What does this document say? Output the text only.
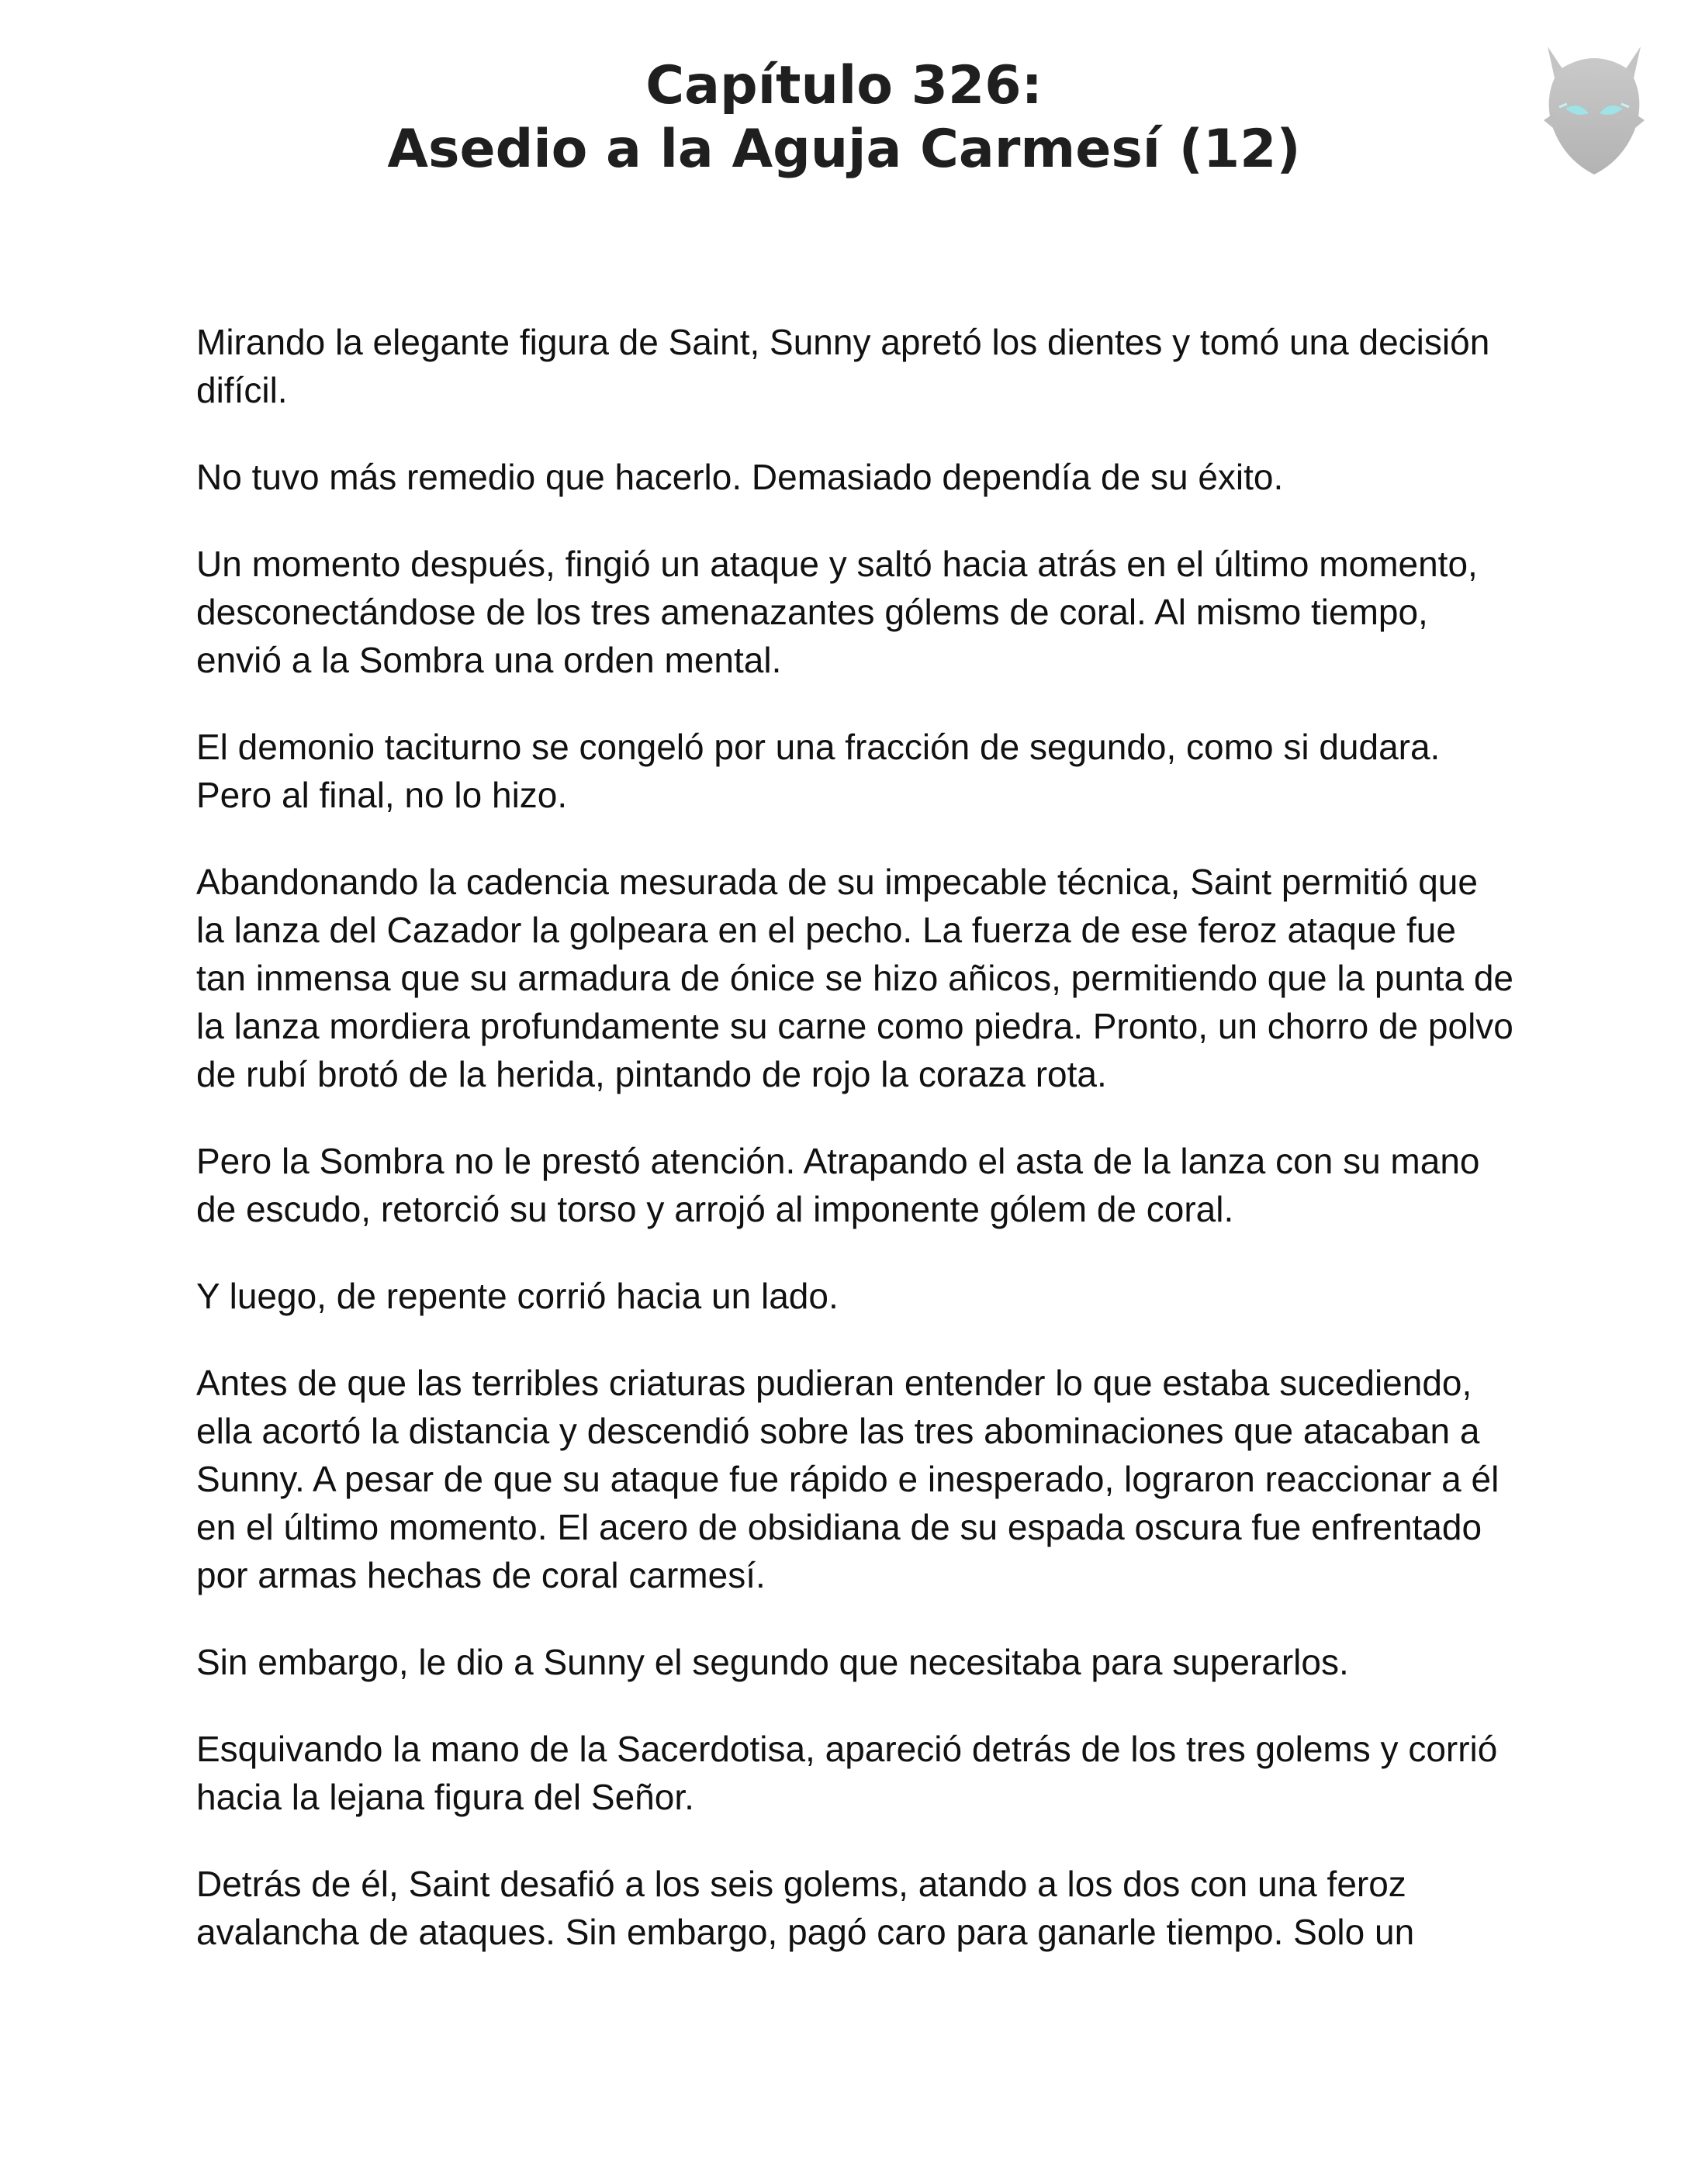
Capítulo 326:
Asedio a la Aguja Carmesí (12)

Mirando la elegante figura de Saint, Sunny apretó los dientes y tomó una decisión difícil.

No tuvo más remedio que hacerlo. Demasiado dependía de su éxito.

Un momento después, fingió un ataque y saltó hacia atrás en el último momento, desconectándose de los tres amenazantes gólems de coral. Al mismo tiempo, envió a la Sombra una orden mental.

El demonio taciturno se congeló por una fracción de segundo, como si dudara. Pero al final, no lo hizo.

Abandonando la cadencia mesurada de su impecable técnica, Saint permitió que la lanza del Cazador la golpeara en el pecho. La fuerza de ese feroz ataque fue tan inmensa que su armadura de ónice se hizo añicos, permitiendo que la punta de la lanza mordiera profundamente su carne como piedra. Pronto, un chorro de polvo de rubí brotó de la herida, pintando de rojo la coraza rota.

Pero la Sombra no le prestó atención. Atrapando el asta de la lanza con su mano de escudo, retorció su torso y arrojó al imponente gólem de coral.

Y luego, de repente corrió hacia un lado.

Antes de que las terribles criaturas pudieran entender lo que estaba sucediendo, ella acortó la distancia y descendió sobre las tres abominaciones que atacaban a Sunny. A pesar de que su ataque fue rápido e inesperado, lograron reaccionar a él en el último momento. El acero de obsidiana de su espada oscura fue enfrentado por armas hechas de coral carmesí.

Sin embargo, le dio a Sunny el segundo que necesitaba para superarlos.

Esquivando la mano de la Sacerdotisa, apareció detrás de los tres golems y corrió hacia la lejana figura del Señor.

Detrás de él, Saint desafió a los seis golems, atando a los dos con una feroz avalancha de ataques. Sin embargo, pagó caro para ganarle tiempo. Solo un
